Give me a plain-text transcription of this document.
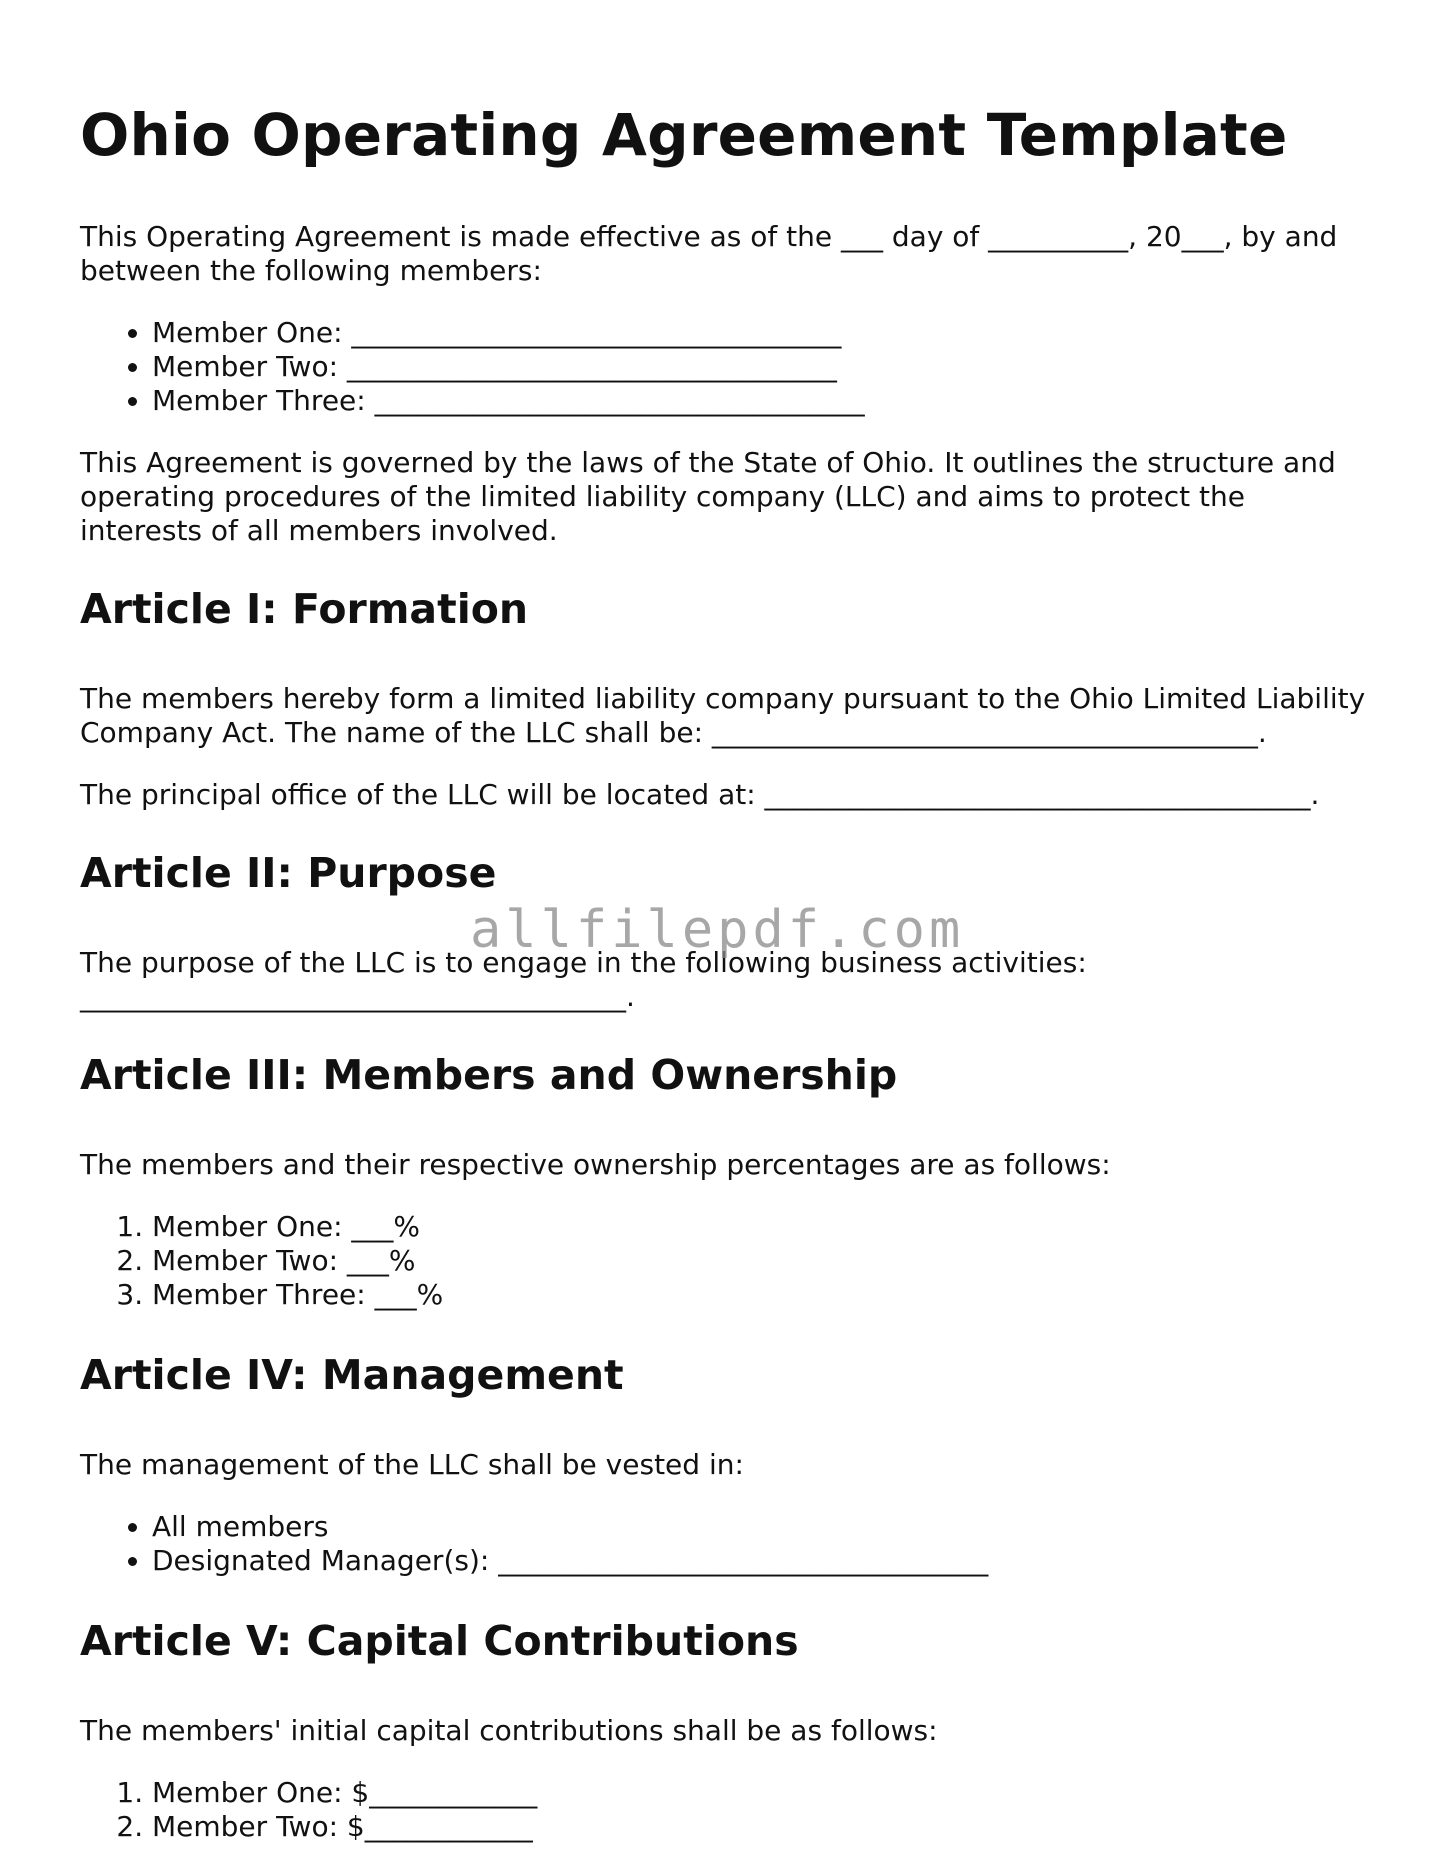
Ohio Operating Agreement Template

This Operating Agreement is made effective as of the ___ day of __________, 20___, by and between the following members:

• Member One: ___________________________________
• Member Two: ___________________________________
• Member Three: ___________________________________

This Agreement is governed by the laws of the State of Ohio. It outlines the structure and operating procedures of the limited liability company (LLC) and aims to protect the interests of all members involved.

Article I: Formation

The members hereby form a limited liability company pursuant to the Ohio Limited Liability Company Act. The name of the LLC shall be: _______________________________________.

The principal office of the LLC will be located at: _______________________________________.

Article II: Purpose

The purpose of the LLC is to engage in the following business activities: _______________________________________.

Article III: Members and Ownership

The members and their respective ownership percentages are as follows:

1. Member One: ___%
2. Member Two: ___%
3. Member Three: ___%
Article IV: Management

The management of the LLC shall be vested in:

• All members
• Designated Manager(s): ___________________________________
Article V: Capital Contributions

The members' initial capital contributions shall be as follows:

1. Member One: $____________
2. Member Two: $____________
allfilepdf.com
